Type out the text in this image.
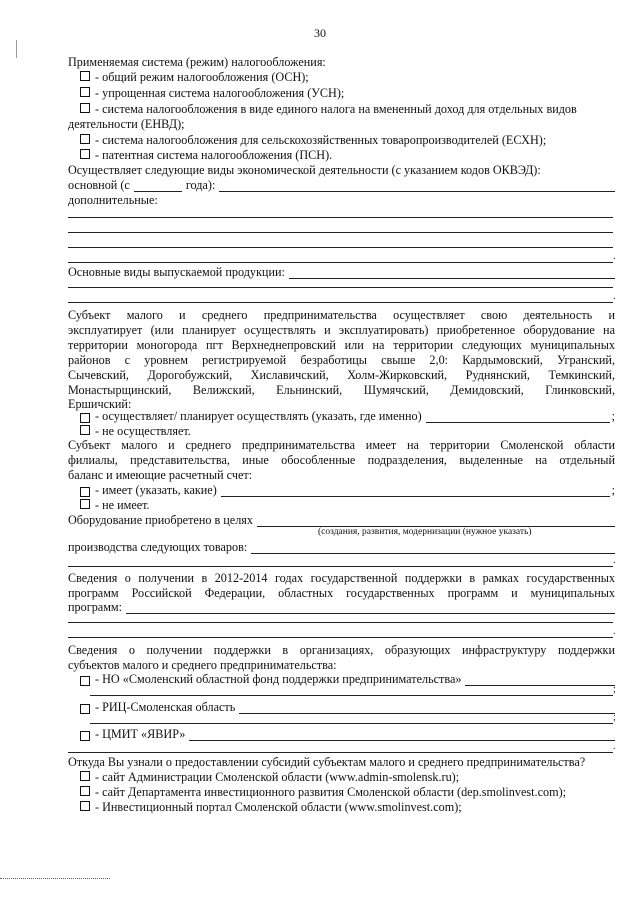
30
Применяемая система (режим) налогообложения:
- общий режим налогообложения (ОСН);
- упрощенная система налогообложения (УСН);
- система налогообложения в виде единого налога на вмененный доход для отдельных видов
деятельности (ЕНВД);
- система налогообложения для сельскохозяйственных товаропроизводителей (ЕСХН);
- патентная система налогообложения (ПСН).
Осуществляет следующие виды экономической деятельности (с указанием кодов ОКВЭД):
основной (с	года):
дополнительные:
.
Основные виды выпускаемой продукции:
.
Субъект малого и среднего предпринимательства осуществляет свою деятельность и
эксплуатирует (или планирует осуществлять и эксплуатировать) приобретенное оборудование на
территории моногорода пгт Верхнеднепровский или на территории следующих муниципальных
районов с уровнем регистрируемой безработицы свыше 2,0: Кардымовский, Угранский,
Сычевский, Дорогобужский, Хиславичский, Холм-Жирковский, Руднянский, Темкинский,
Монастырщинский, Велижский, Ельнинский, Шумячский, Демидовский, Глинковский,
Ершичский:
- осуществляет/ планирует осуществлять (указать, где именно)	;
- не осуществляет.
Субъект малого и среднего предпринимательства имеет на территории Смоленской области
филиалы, представительства, иные обособленные подразделения, выделенные на отдельный
баланс и имеющие расчетный счет:
- имеет (указать, какие)	;
- не имеет.
Оборудование приобретено в целях
(создания, развития, модернизации (нужное указать)
производства следующих товаров:
.
Сведения о получении в 2012-2014 годах государственной поддержки в рамках государственных
программ Российской Федерации, областных государственных программ и муниципальных
программ:
.
Сведения о получении поддержки в организациях, образующих инфраструктуру поддержки
субъектов малого и среднего предпринимательства:
- НО «Смоленский областной фонд поддержки предпринимательства»
;
- РИЦ-Смоленская область
;
- ЦМИТ «ЯВИР»
.
Откуда Вы узнали о предоставлении субсидий субъектам малого и среднего предпринимательства?
- сайт Администрации Смоленской области (www.admin-smolensk.ru);
- сайт Департамента инвестиционного развития Смоленской области (dep.smolinvest.com);
- Инвестиционный портал Смоленской области (www.smolinvest.com);
